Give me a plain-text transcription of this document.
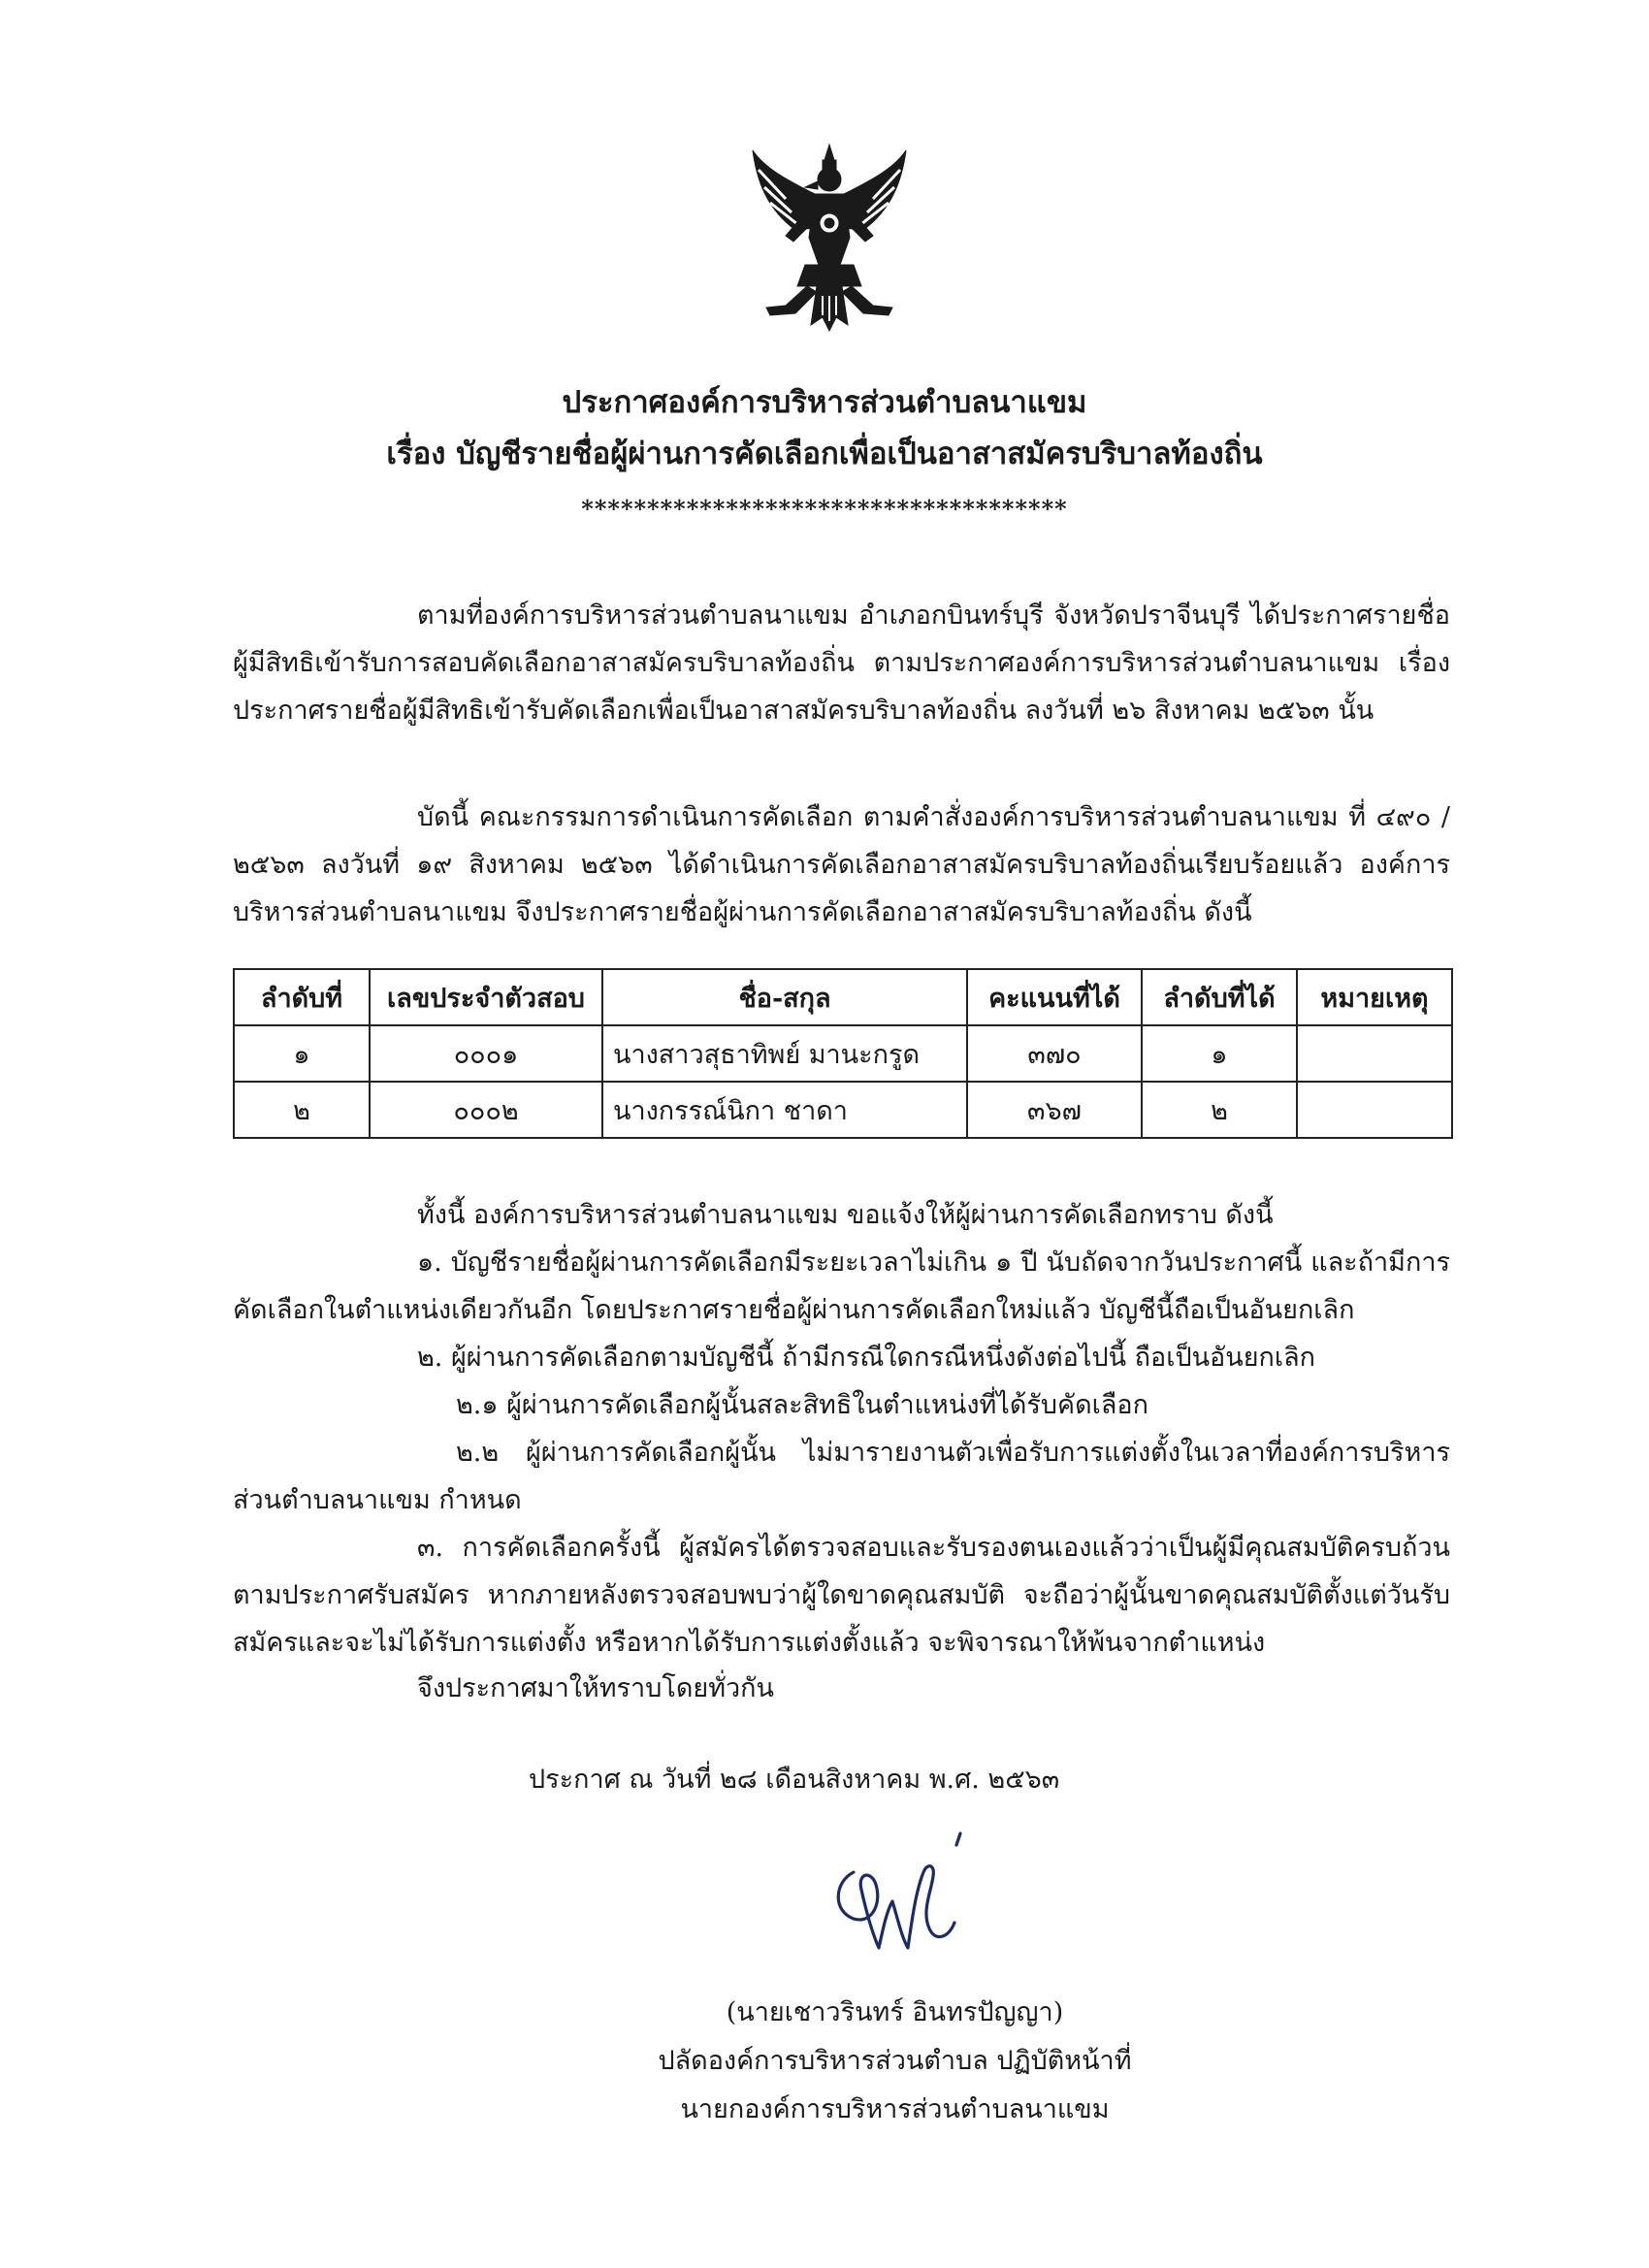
ประกาศองค์การบริหารส่วนตำบลนาแขม
เรื่อง บัญชีรายชื่อผู้ผ่านการคัดเลือกเพื่อเป็นอาสาสมัครบริบาลท้องถิ่น
*************************************

ตามที่องค์การบริหารส่วนตำบลนาแขม อำเภอกบินทร์บุรี จังหวัดปราจีนบุรี ได้ประกาศรายชื่อผู้มีสิทธิเข้ารับการสอบคัดเลือกอาสาสมัครบริบาลท้องถิ่น ตามประกาศองค์การบริหารส่วนตำบลนาแขม เรื่อง ประกาศรายชื่อผู้มีสิทธิเข้ารับคัดเลือกเพื่อเป็นอาสาสมัครบริบาลท้องถิ่น ลงวันที่ ๒๖ สิงหาคม ๒๕๖๓ นั้น

บัดนี้ คณะกรรมการดำเนินการคัดเลือก ตามคำสั่งองค์การบริหารส่วนตำบลนาแขม ที่ ๔๙๐ /๒๕๖๓ ลงวันที่ ๑๙ สิงหาคม ๒๕๖๓ ได้ดำเนินการคัดเลือกอาสาสมัครบริบาลท้องถิ่นเรียบร้อยแล้ว องค์การบริหารส่วนตำบลนาแขม จึงประกาศรายชื่อผู้ผ่านการคัดเลือกอาสาสมัครบริบาลท้องถิ่น ดังนี้

ลำดับที่	เลขประจำตัวสอบ	ชื่อ-สกุล	คะแนนที่ได้	ลำดับที่ได้	หมายเหตุ
๑	๐๐๐๑	นางสาวสุธาทิพย์ มานะกรูด	๓๗๐	๑	
๒	๐๐๐๒	นางกรรณ์นิกา ชาดา	๓๖๗	๒	

ทั้งนี้ องค์การบริหารส่วนตำบลนาแขม ขอแจ้งให้ผู้ผ่านการคัดเลือกทราบ ดังนี้

๑. บัญชีรายชื่อผู้ผ่านการคัดเลือกมีระยะเวลาไม่เกิน ๑ ปี นับถัดจากวันประกาศนี้ และถ้ามีการคัดเลือกในตำแหน่งเดียวกันอีก โดยประกาศรายชื่อผู้ผ่านการคัดเลือกใหม่แล้ว บัญชีนี้ถือเป็นอันยกเลิก

๒. ผู้ผ่านการคัดเลือกตามบัญชีนี้ ถ้ามีกรณีใดกรณีหนึ่งดังต่อไปนี้ ถือเป็นอันยกเลิก

๒.๑ ผู้ผ่านการคัดเลือกผู้นั้นสละสิทธิในตำแหน่งที่ได้รับคัดเลือก

๒.๒ ผู้ผ่านการคัดเลือกผู้นั้น ไม่มารายงานตัวเพื่อรับการแต่งตั้งในเวลาที่องค์การบริหารส่วนตำบลนาแขม กำหนด

๓. การคัดเลือกครั้งนี้ ผู้สมัครได้ตรวจสอบและรับรองตนเองแล้วว่าเป็นผู้มีคุณสมบัติครบถ้วนตามประกาศรับสมัคร หากภายหลังตรวจสอบพบว่าผู้ใดขาดคุณสมบัติ จะถือว่าผู้นั้นขาดคุณสมบัติตั้งแต่วันรับสมัครและจะไม่ได้รับการแต่งตั้ง หรือหากได้รับการแต่งตั้งแล้ว จะพิจารณาให้พ้นจากตำแหน่ง

จึงประกาศมาให้ทราบโดยทั่วกัน

ประกาศ ณ วันที่ ๒๘ เดือนสิงหาคม พ.ศ. ๒๕๖๓
(นายเชาวรินทร์ อินทรปัญญา)
ปลัดองค์การบริหารส่วนตำบล ปฏิบัติหน้าที่
นายกองค์การบริหารส่วนตำบลนาแขม
